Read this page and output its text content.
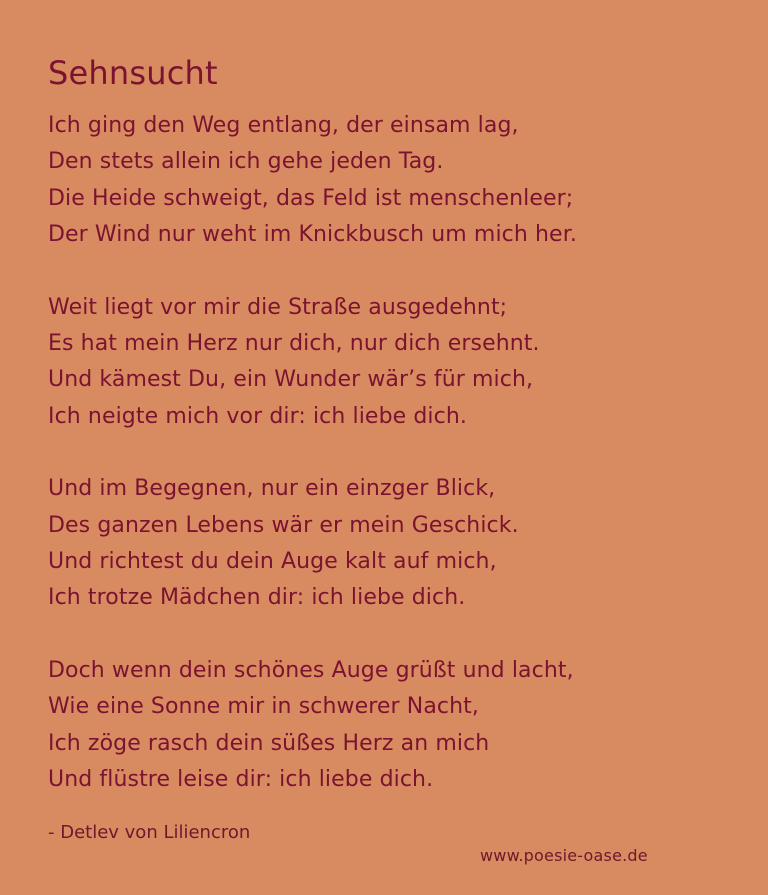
Sehnsucht
Ich ging den Weg entlang, der einsam lag,
Den stets allein ich gehe jeden Tag.
Die Heide schweigt, das Feld ist menschenleer;
Der Wind nur weht im Knickbusch um mich her.
Weit liegt vor mir die Straße ausgedehnt;
Es hat mein Herz nur dich, nur dich ersehnt.
Und kämest Du, ein Wunder wär’s für mich,
Ich neigte mich vor dir: ich liebe dich.
Und im Begegnen, nur ein einzger Blick,
Des ganzen Lebens wär er mein Geschick.
Und richtest du dein Auge kalt auf mich,
Ich trotze Mädchen dir: ich liebe dich.
Doch wenn dein schönes Auge grüßt und lacht,
Wie eine Sonne mir in schwerer Nacht,
Ich zöge rasch dein süßes Herz an mich
Und flüstre leise dir: ich liebe dich.
- Detlev von Liliencron
www.poesie-oase.de
